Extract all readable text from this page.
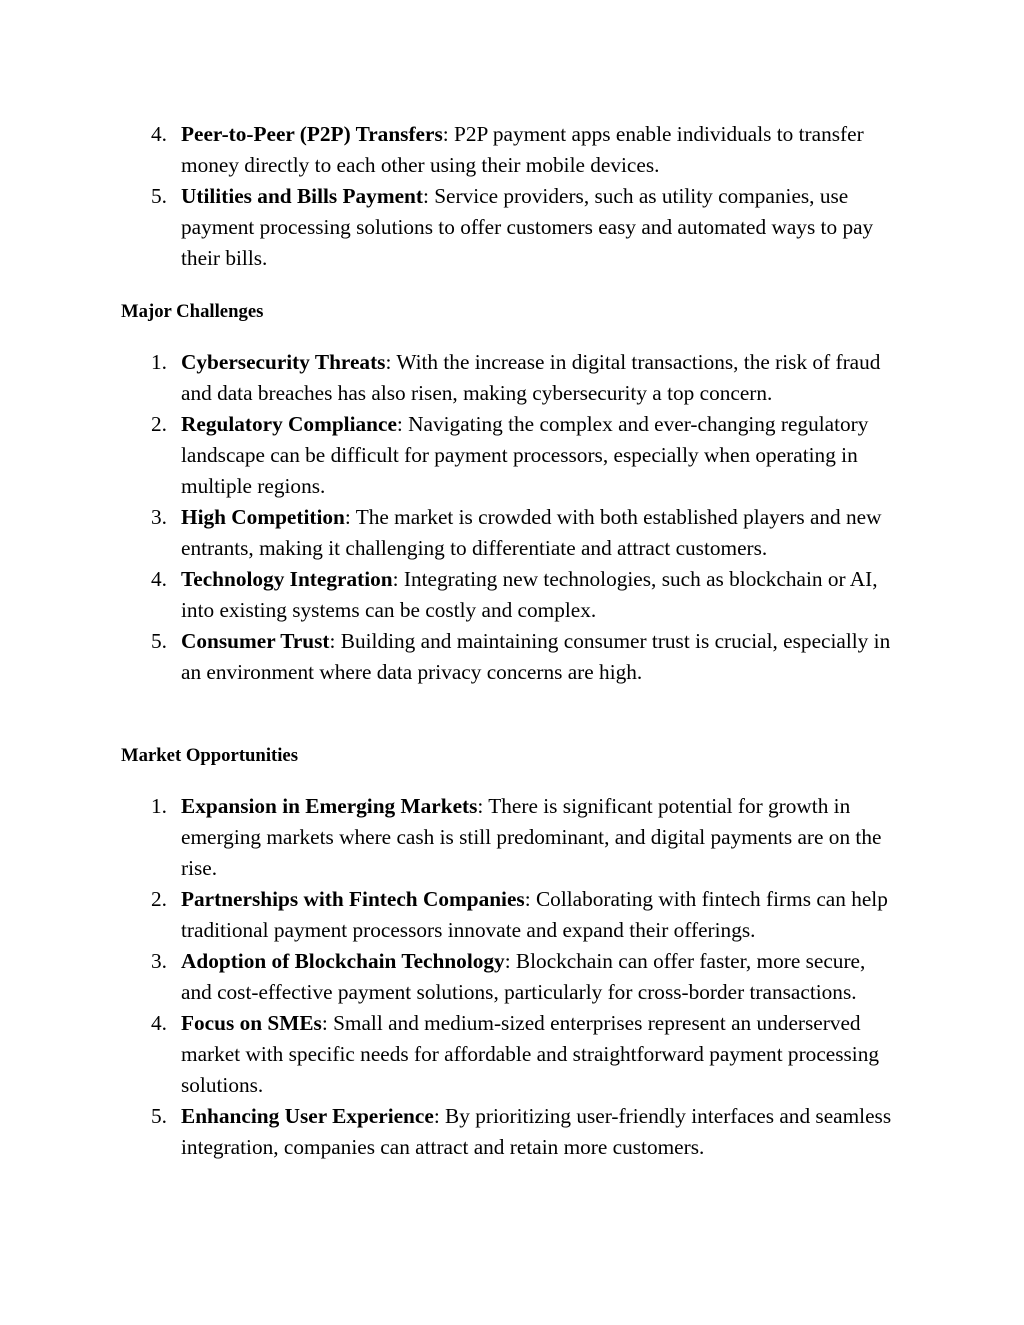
4. Peer-to-Peer (P2P) Transfers: P2P payment apps enable individuals to transfer money directly to each other using their mobile devices.
5. Utilities and Bills Payment: Service providers, such as utility companies, use payment processing solutions to offer customers easy and automated ways to pay their bills.
Major Challenges
1. Cybersecurity Threats: With the increase in digital transactions, the risk of fraud and data breaches has also risen, making cybersecurity a top concern.
2. Regulatory Compliance: Navigating the complex and ever-changing regulatory landscape can be difficult for payment processors, especially when operating in multiple regions.
3. High Competition: The market is crowded with both established players and new entrants, making it challenging to differentiate and attract customers.
4. Technology Integration: Integrating new technologies, such as blockchain or AI, into existing systems can be costly and complex.
5. Consumer Trust: Building and maintaining consumer trust is crucial, especially in an environment where data privacy concerns are high.
Market Opportunities
1. Expansion in Emerging Markets: There is significant potential for growth in emerging markets where cash is still predominant, and digital payments are on the rise.
2. Partnerships with Fintech Companies: Collaborating with fintech firms can help traditional payment processors innovate and expand their offerings.
3. Adoption of Blockchain Technology: Blockchain can offer faster, more secure, and cost-effective payment solutions, particularly for cross-border transactions.
4. Focus on SMEs: Small and medium-sized enterprises represent an underserved market with specific needs for affordable and straightforward payment processing solutions.
5. Enhancing User Experience: By prioritizing user-friendly interfaces and seamless integration, companies can attract and retain more customers.
